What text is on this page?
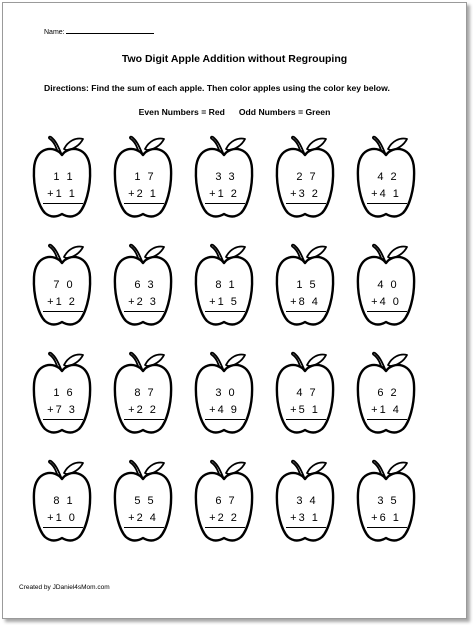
Name:
Two Digit Apple Addition without Regrouping
Directions: Find the sum of each apple. Then color apples using the color key below.
Even Numbers = Red Odd Numbers = Green
1 1
+1 1
1 7
+2 1
3 3
+1 2
2 7
+3 2
4 2
+4 1
7 0
+1 2
6 3
+2 3
8 1
+1 5
1 5
+8 4
4 0
+4 0
1 6
+7 3
8 7
+2 2
3 0
+4 9
4 7
+5 1
6 2
+1 4
8 1
+1 0
5 5
+2 4
6 7
+2 2
3 4
+3 1
3 5
+6 1
Created by JDaniel4sMom.com
